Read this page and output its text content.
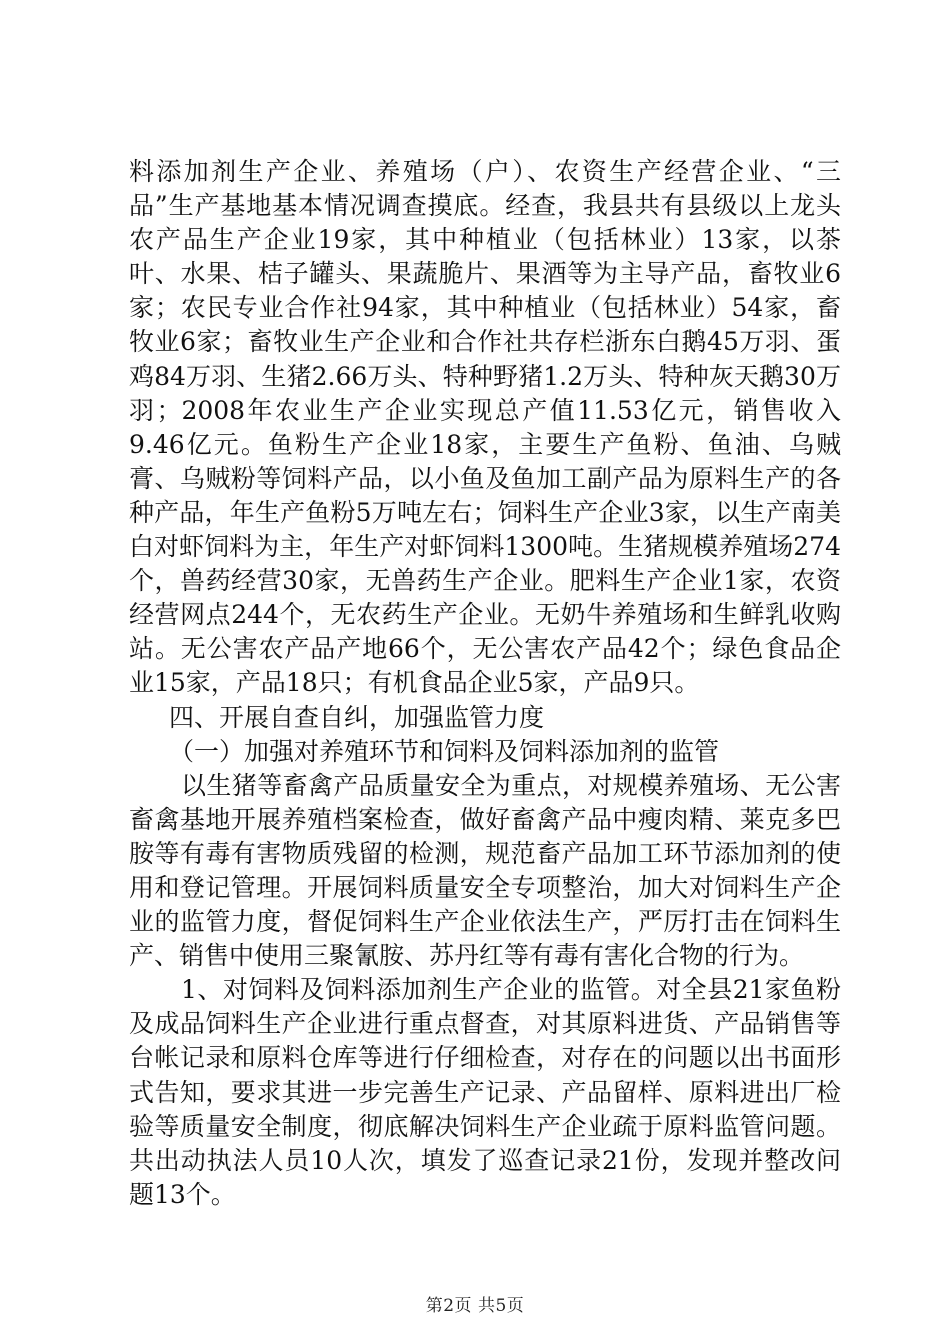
料添加剂生产企业、养殖场（户）、农资生产经营企业、“三品”生产基地基本情况调查摸底。经查，我县共有县级以上龙头农产品生产企业19家，其中种植业（包括林业）13家，以茶叶、水果、桔子罐头、果蔬脆片、果酒等为主导产品，畜牧业6家；农民专业合作社94家，其中种植业（包括林业）54家，畜牧业6家；畜牧业生产企业和合作社共存栏浙东白鹅45万羽、蛋鸡84万羽、生猪2.66万头、特种野猪1.2万头、特种灰天鹅30万羽；2008年农业生产企业实现总产值11.53亿元，销售收入9.46亿元。鱼粉生产企业18家，主要生产鱼粉、鱼油、乌贼膏、乌贼粉等饲料产品，以小鱼及鱼加工副产品为原料生产的各种产品，年生产鱼粉5万吨左右；饲料生产企业3家，以生产南美白对虾饲料为主，年生产对虾饲料1300吨。生猪规模养殖场274个，兽药经营30家，无兽药生产企业。肥料生产企业1家，农资经营网点244个，无农药生产企业。无奶牛养殖场和生鲜乳收购站。无公害农产品产地66个，无公害农产品42个；绿色食品企业15家，产品18只；有机食品企业5家，产品9只。

四、开展自查自纠，加强监管力度

（一）加强对养殖环节和饲料及饲料添加剂的监管

以生猪等畜禽产品质量安全为重点，对规模养殖场、无公害畜禽基地开展养殖档案检查，做好畜禽产品中瘦肉精、莱克多巴胺等有毒有害物质残留的检测，规范畜产品加工环节添加剂的使用和登记管理。开展饲料质量安全专项整治，加大对饲料生产企业的监管力度，督促饲料生产企业依法生产，严厉打击在饲料生产、销售中使用三聚氰胺、苏丹红等有毒有害化合物的行为。

1、对饲料及饲料添加剂生产企业的监管。对全县21家鱼粉及成品饲料生产企业进行重点督查，对其原料进货、产品销售等台帐记录和原料仓库等进行仔细检查，对存在的问题以出书面形式告知，要求其进一步完善生产记录、产品留样、原料进出厂检验等质量安全制度，彻底解决饲料生产企业疏于原料监管问题。共出动执法人员10人次，填发了巡查记录21份，发现并整改问题13个。

第2页 共5页
